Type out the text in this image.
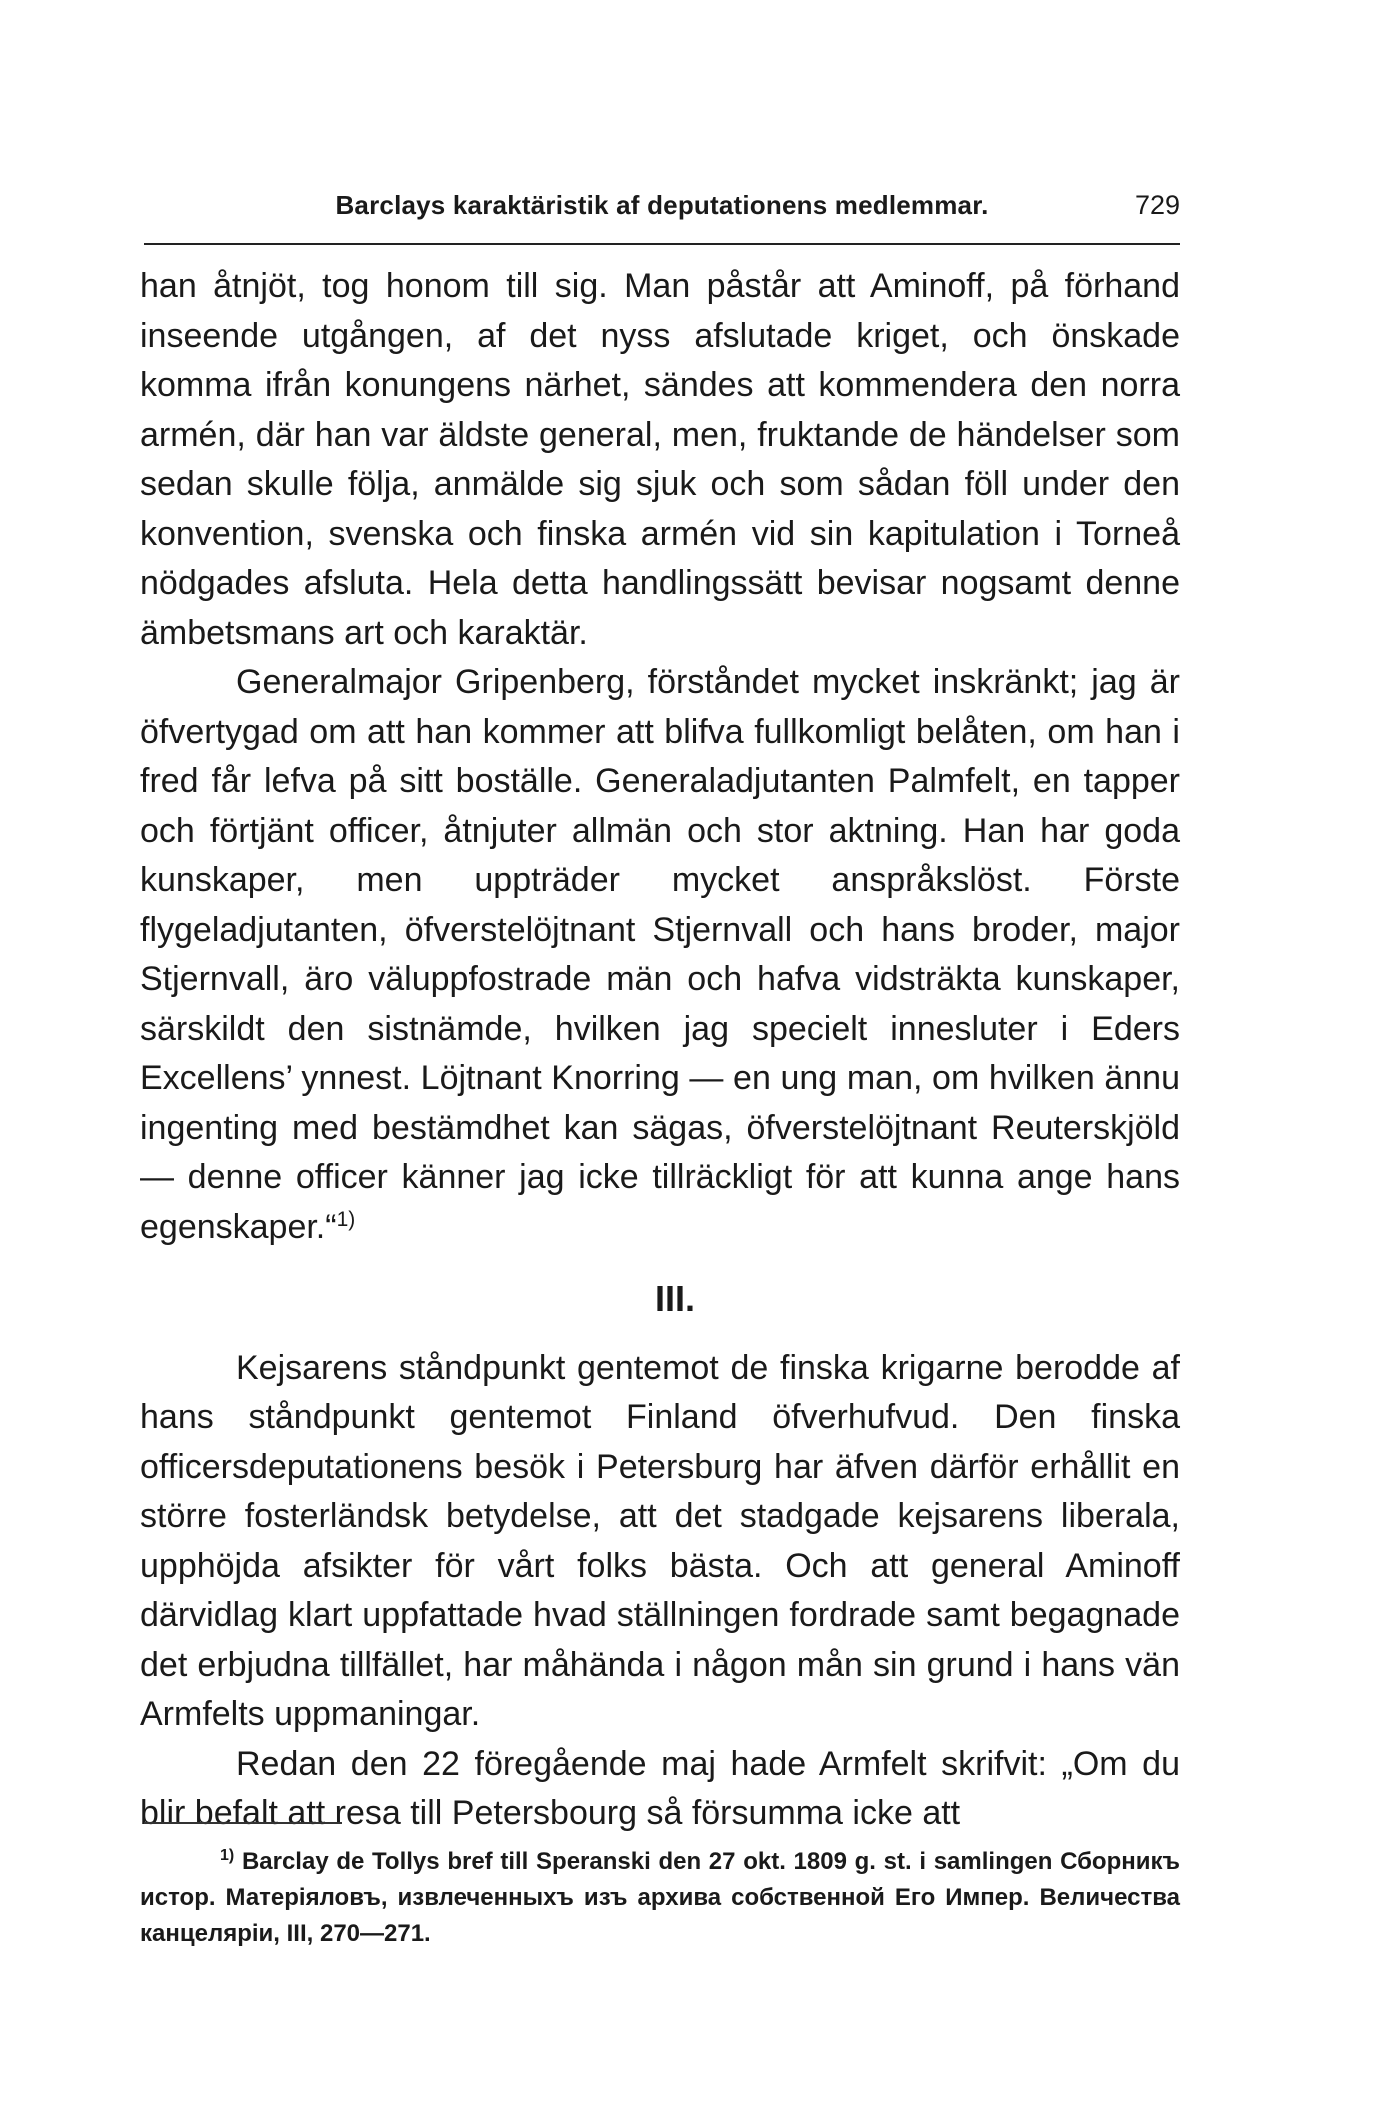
Barclays karaktäristik af deputationens medlemmar.	729

han åtnjöt, tog honom till sig. Man påstår att Aminoff, på förhand inseende utgången, af det nyss afslutade kriget, och önskade komma ifrån konungens närhet, sändes att kommendera den norra armén, där han var äldste general, men, fruktande de händelser som sedan skulle följa, anmälde sig sjuk och som sådan föll under den konvention, svenska och finska armén vid sin kapitulation i Torneå nödgades afsluta. Hela detta handlingssätt bevisar nogsamt denne ämbetsmans art och karaktär.

Generalmajor Gripenberg, förståndet mycket inskränkt; jag är öfvertygad om att han kommer att blifva fullkomligt belåten, om han i fred får lefva på sitt boställe. Generaladjutanten Palmfelt, en tapper och förtjänt officer, åtnjuter allmän och stor aktning. Han har goda kunskaper, men uppträder mycket anspråkslöst. Förste flygeladjutanten, öfverstelöjtnant Stjernvall och hans broder, major Stjernvall, äro väluppfostrade män och hafva vidsträkta kunskaper, särskildt den sistnämde, hvilken jag specielt innesluter i Eders Excellens’ ynnest. Löjtnant Knorring — en ung man, om hvilken ännu ingenting med bestämdhet kan sägas, öfverstelöjtnant Reuterskjöld — denne officer känner jag icke tillräckligt för att kunna ange hans egenskaper.“$^{1)}$

III.

Kejsarens ståndpunkt gentemot de finska krigarne berodde af hans ståndpunkt gentemot Finland öfverhufvud. Den finska officersdeputationens besök i Petersburg har äfven därför erhållit en större fosterländsk betydelse, att det stadgade kejsarens liberala, upphöjda afsikter för vårt folks bästa. Och att general Aminoff därvidlag klart uppfattade hvad ställningen fordrade samt begagnade det erbjudna tillfället, har måhända i någon mån sin grund i hans vän Armfelts uppmaningar.

Redan den 22 föregående maj hade Armfelt skrifvit: „Om du blir befalt att resa till Petersbourg så försumma icke att

$^{1)}$ Barclay de Tollys bref till Speranski den 27 okt. 1809 g. st. i samlingen Сборникъ истор. Матеріяловъ, извлеченныхъ изъ архива собственной Его Импер. Величества канцеляріи, III, 270—271.
